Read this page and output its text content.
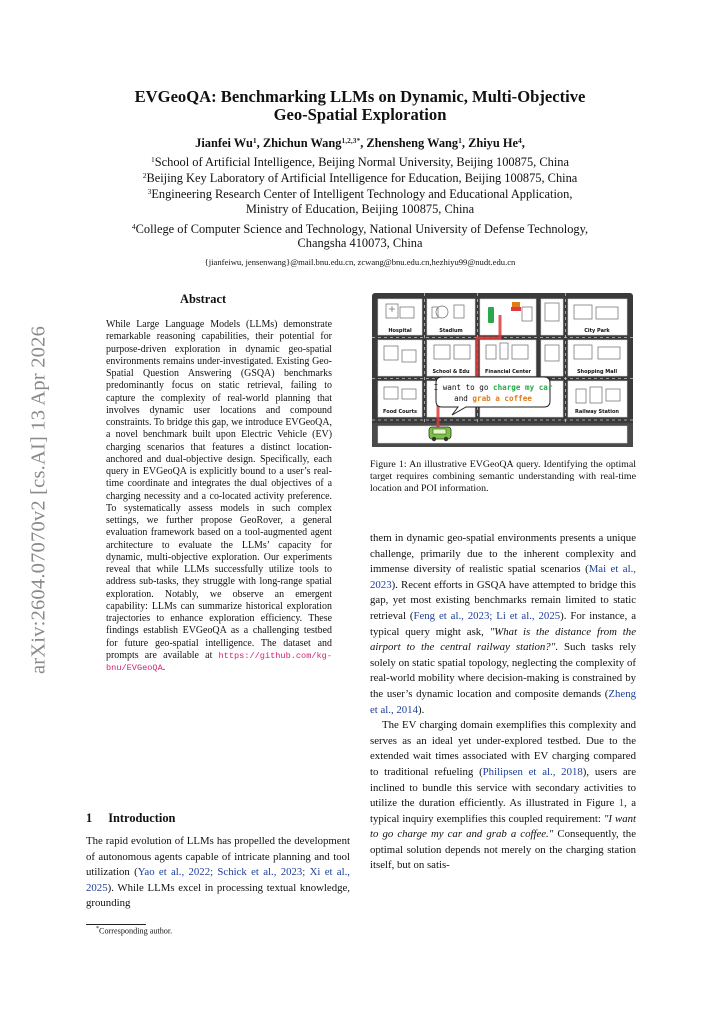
arXiv:2604.07070v2 [cs.AI] 13 Apr 2026
EVGeoQA: Benchmarking LLMs on Dynamic, Multi-Objective
Geo-Spatial Exploration
Jianfei Wu$^1$, Zhichun Wang$^{1,2,3*}$, Zhensheng Wang$^1$, Zhiyu He$^4$,
$^1$School of Artificial Intelligence, Beijing Normal University, Beijing 100875, China
$^2$Beijing Key Laboratory of Artificial Intelligence for Education, Beijing 100875, China
$^3$Engineering Research Center of Intelligent Technology and Educational Application,
Ministry of Education, Beijing 100875, China
$^4$College of Computer Science and Technology, National University of Defense Technology,
Changsha 410073, China
{jianfeiwu, jensenwang}@mail.bnu.edu.cn, zcwang@bnu.edu.cn,hezhiyu99@nudt.edu.cn
Abstract
While Large Language Models (LLMs) demonstrate remarkable reasoning capabilities, their potential for purpose-driven exploration in dynamic geo-spatial environments remains under-investigated. Existing Geo-Spatial Question Answering (GSQA) benchmarks predominantly focus on static retrieval, failing to capture the complexity of real-world planning that involves dynamic user locations and compound constraints. To bridge this gap, we introduce EVGeoQA, a novel benchmark built upon Electric Vehicle (EV) charging scenarios that features a distinct location-anchored and dual-objective design. Specifically, each query in EVGeoQA is explicitly bound to a user’s real-time coordinate and integrates the dual objectives of a charging necessity and a co-located activity preference. To systematically assess models in such complex settings, we further propose GeoRover, a general evaluation framework based on a tool-augmented agent architecture to evaluate the LLMs’ capacity for dynamic, multi-objective exploration. Our experiments reveal that while LLMs successfully utilize tools to address sub-tasks, they struggle with long-range spatial exploration. Notably, we observe an emergent capability: LLMs can summarize historical exploration trajectories to enhance exploration efficiency. These findings establish EVGeoQA as a challenging testbed for future geo-spatial intelligence. The dataset and prompts are available at https://github.com/kg-bnu/EVGeoQA.
1 Introduction
The rapid evolution of LLMs has propelled the development of autonomous agents capable of intricate planning and tool utilization (Yao et al., 2022; Schick et al., 2023; Xi et al., 2025). While LLMs excel in processing textual knowledge, grounding
*Corresponding author.
Hospital	Stadium	City Park
School & Edu	Financial Center	Shopping Mall
Food Courts	Railway Station
I want to go charge my car
and grab a coffee
Figure 1: An illustrative EVGeoQA query. Identifying the optimal target requires combining semantic understanding with real-time location and POI information.

them in dynamic geo-spatial environments presents a unique challenge, primarily due to the inherent complexity and immense diversity of realistic spatial scenarios (Mai et al., 2023). Recent efforts in GSQA have attempted to bridge this gap, yet most existing benchmarks remain limited to static retrieval (Feng et al., 2023; Li et al., 2025). For instance, a typical query might ask, "What is the distance from the airport to the central railway station?". Such tasks rely solely on static spatial topology, neglecting the complexity of real-world mobility where decision-making is constrained by the user’s dynamic location and composite demands (Zheng et al., 2014).

The EV charging domain exemplifies this complexity and serves as an ideal yet under-explored testbed. Due to the extended wait times associated with EV charging compared to traditional refueling (Philipsen et al., 2018), users are inclined to bundle this service with secondary activities to utilize the duration efficiently. As illustrated in Figure 1, a typical inquiry exemplifies this coupled requirement: "I want to go charge my car and grab a coffee." Consequently, the optimal solution depends not merely on the charging station itself, but on satis-
